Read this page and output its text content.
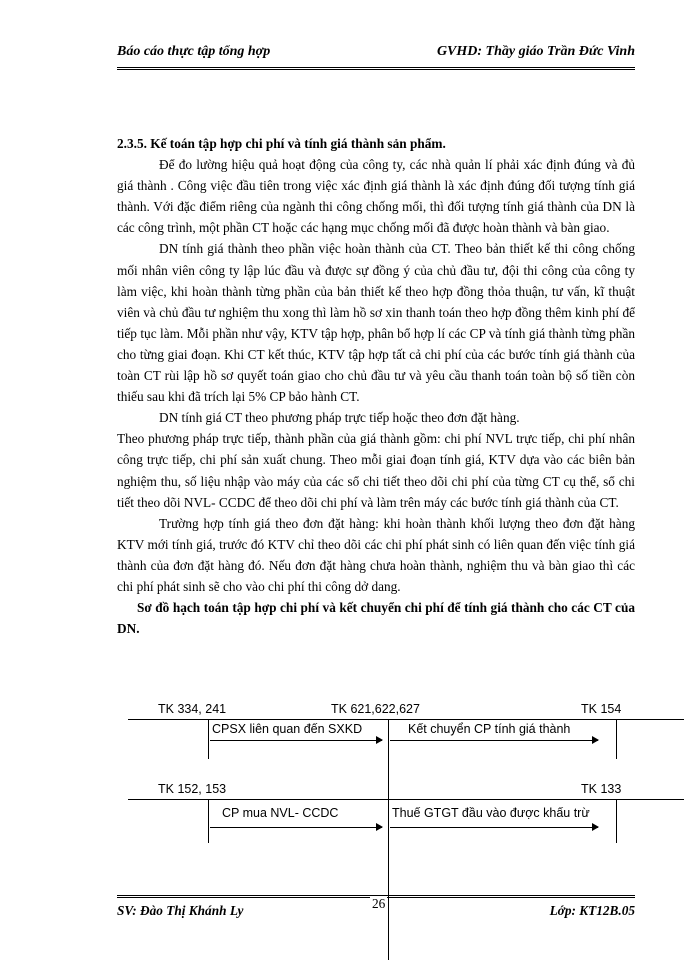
Báo cáo thực tập tổng hợp	GVHD: Thầy giáo Trần Đức Vinh
2.3.5. Kế toán tập hợp chi phí và tính giá thành sản phẩm.

Để đo lường hiệu quả hoạt động của công ty, các nhà quản lí phải xác định đúng và đủ giá thành . Công việc đầu tiên trong việc xác định giá thành là xác định đúng đối tượng tính giá thành. Với đặc điểm riêng của ngành thi công chống mối, thì đối tượng tính giá thành của DN là các công trình, một phần CT hoặc các hạng mục chống mối đã được hoàn thành và bàn giao.

DN tính giá thành theo phần việc hoàn thành của CT. Theo bản thiết kế thi công chống mối nhân viên công ty lập lúc đầu và được sự đồng ý của chủ đầu tư, đội thi công của công ty làm việc, khi hoàn thành từng phần của bản thiết kế theo hợp đồng thỏa thuận, tư vấn, kĩ thuật viên và chủ đầu tư nghiệm thu xong thì làm hồ sơ xin thanh toán theo hợp đồng thêm kinh phí để tiếp tục làm. Mỗi phần như vậy, KTV tập hợp, phân bổ hợp lí các CP và tính giá thành từng phần cho từng giai đoạn. Khi CT kết thúc, KTV tập hợp tất cả chi phí của các bước tính giá thành của toàn CT rùi lập hồ sơ quyết toán giao cho chủ đầu tư và yêu cầu thanh toán toàn bộ số tiền còn thiếu sau khi đã trích lại 5% CP bảo hành CT.

DN tính giá CT theo phương pháp trực tiếp hoặc theo đơn đặt hàng.

Theo phương pháp trực tiếp, thành phần của giá thành gồm: chi phí NVL trực tiếp, chi phí nhân công trực tiếp, chi phí sản xuất chung. Theo mỗi giai đoạn tính giá, KTV dựa vào các biên bản nghiệm thu, số liệu nhập vào máy của các sổ chi tiết theo dõi chi phí của từng CT cụ thể, sổ chi tiết theo dõi NVL- CCDC để theo dõi chi phí và làm trên máy các bước tính giá thành của CT.

Trường hợp tính giá theo đơn đặt hàng: khi hoàn thành khối lượng theo đơn đặt hàng KTV mới tính giá, trước đó KTV chỉ theo dõi các chi phí phát sinh có liên quan đến việc tính giá thành của đơn đặt hàng đó. Nếu đơn đặt hàng chưa hoàn thành, nghiệm thu và bàn giao thì các chi phí phát sinh sẽ cho vào chi phí thi công dở dang.

Sơ đồ hạch toán tập hợp chi phí và kết chuyển chi phí để tính giá thành cho các CT của DN.
TK 334, 241	TK 621,622,627	TK 154
CPSX liên quan đến SXKD	Kết chuyển CP tính giá thành
TK 152, 153	TK 133
CP mua NVL- CCDC	Thuế GTGT đầu vào được khấu trừ
SV: Đào Thị Khánh Ly	26	Lớp: KT12B.05
